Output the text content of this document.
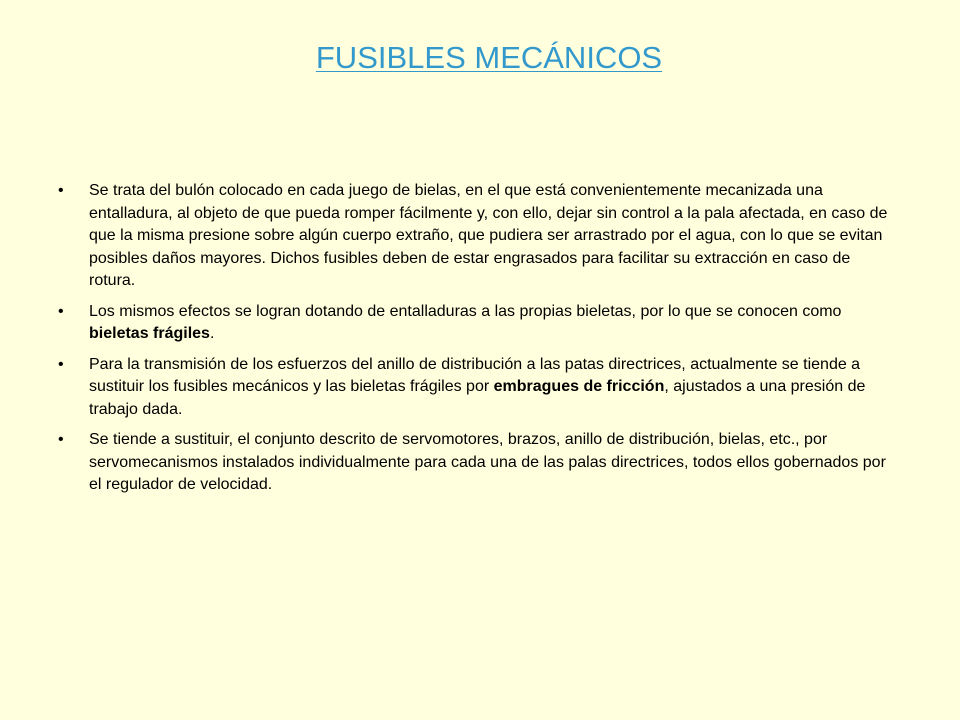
FUSIBLES MECÁNICOS
•	Se trata del bulón colocado en cada juego de bielas, en el que está convenientemente mecanizada una entalladura, al objeto de que pueda romper fácilmente y, con ello, dejar sin control a la pala afectada, en caso de que la misma presione sobre algún cuerpo extraño, que pudiera ser arrastrado por el agua, con lo que se evitan posibles daños mayores. Dichos fusibles deben de estar engrasados para facilitar su extracción en caso de rotura.
•	Los mismos efectos se logran dotando de entalladuras a las propias bieletas, por lo que se conocen como bieletas frágiles.
•	Para la transmisión de los esfuerzos del anillo de distribución a las patas directrices, actualmente se tiende a sustituir los fusibles mecánicos y las bieletas frágiles por embragues de fricción, ajustados a una presión de trabajo dada.
•	Se tiende a sustituir, el conjunto descrito de servomotores, brazos, anillo de distribución, bielas, etc., por servomecanismos instalados individualmente para cada una de las palas directrices, todos ellos gobernados por el regulador de velocidad.
